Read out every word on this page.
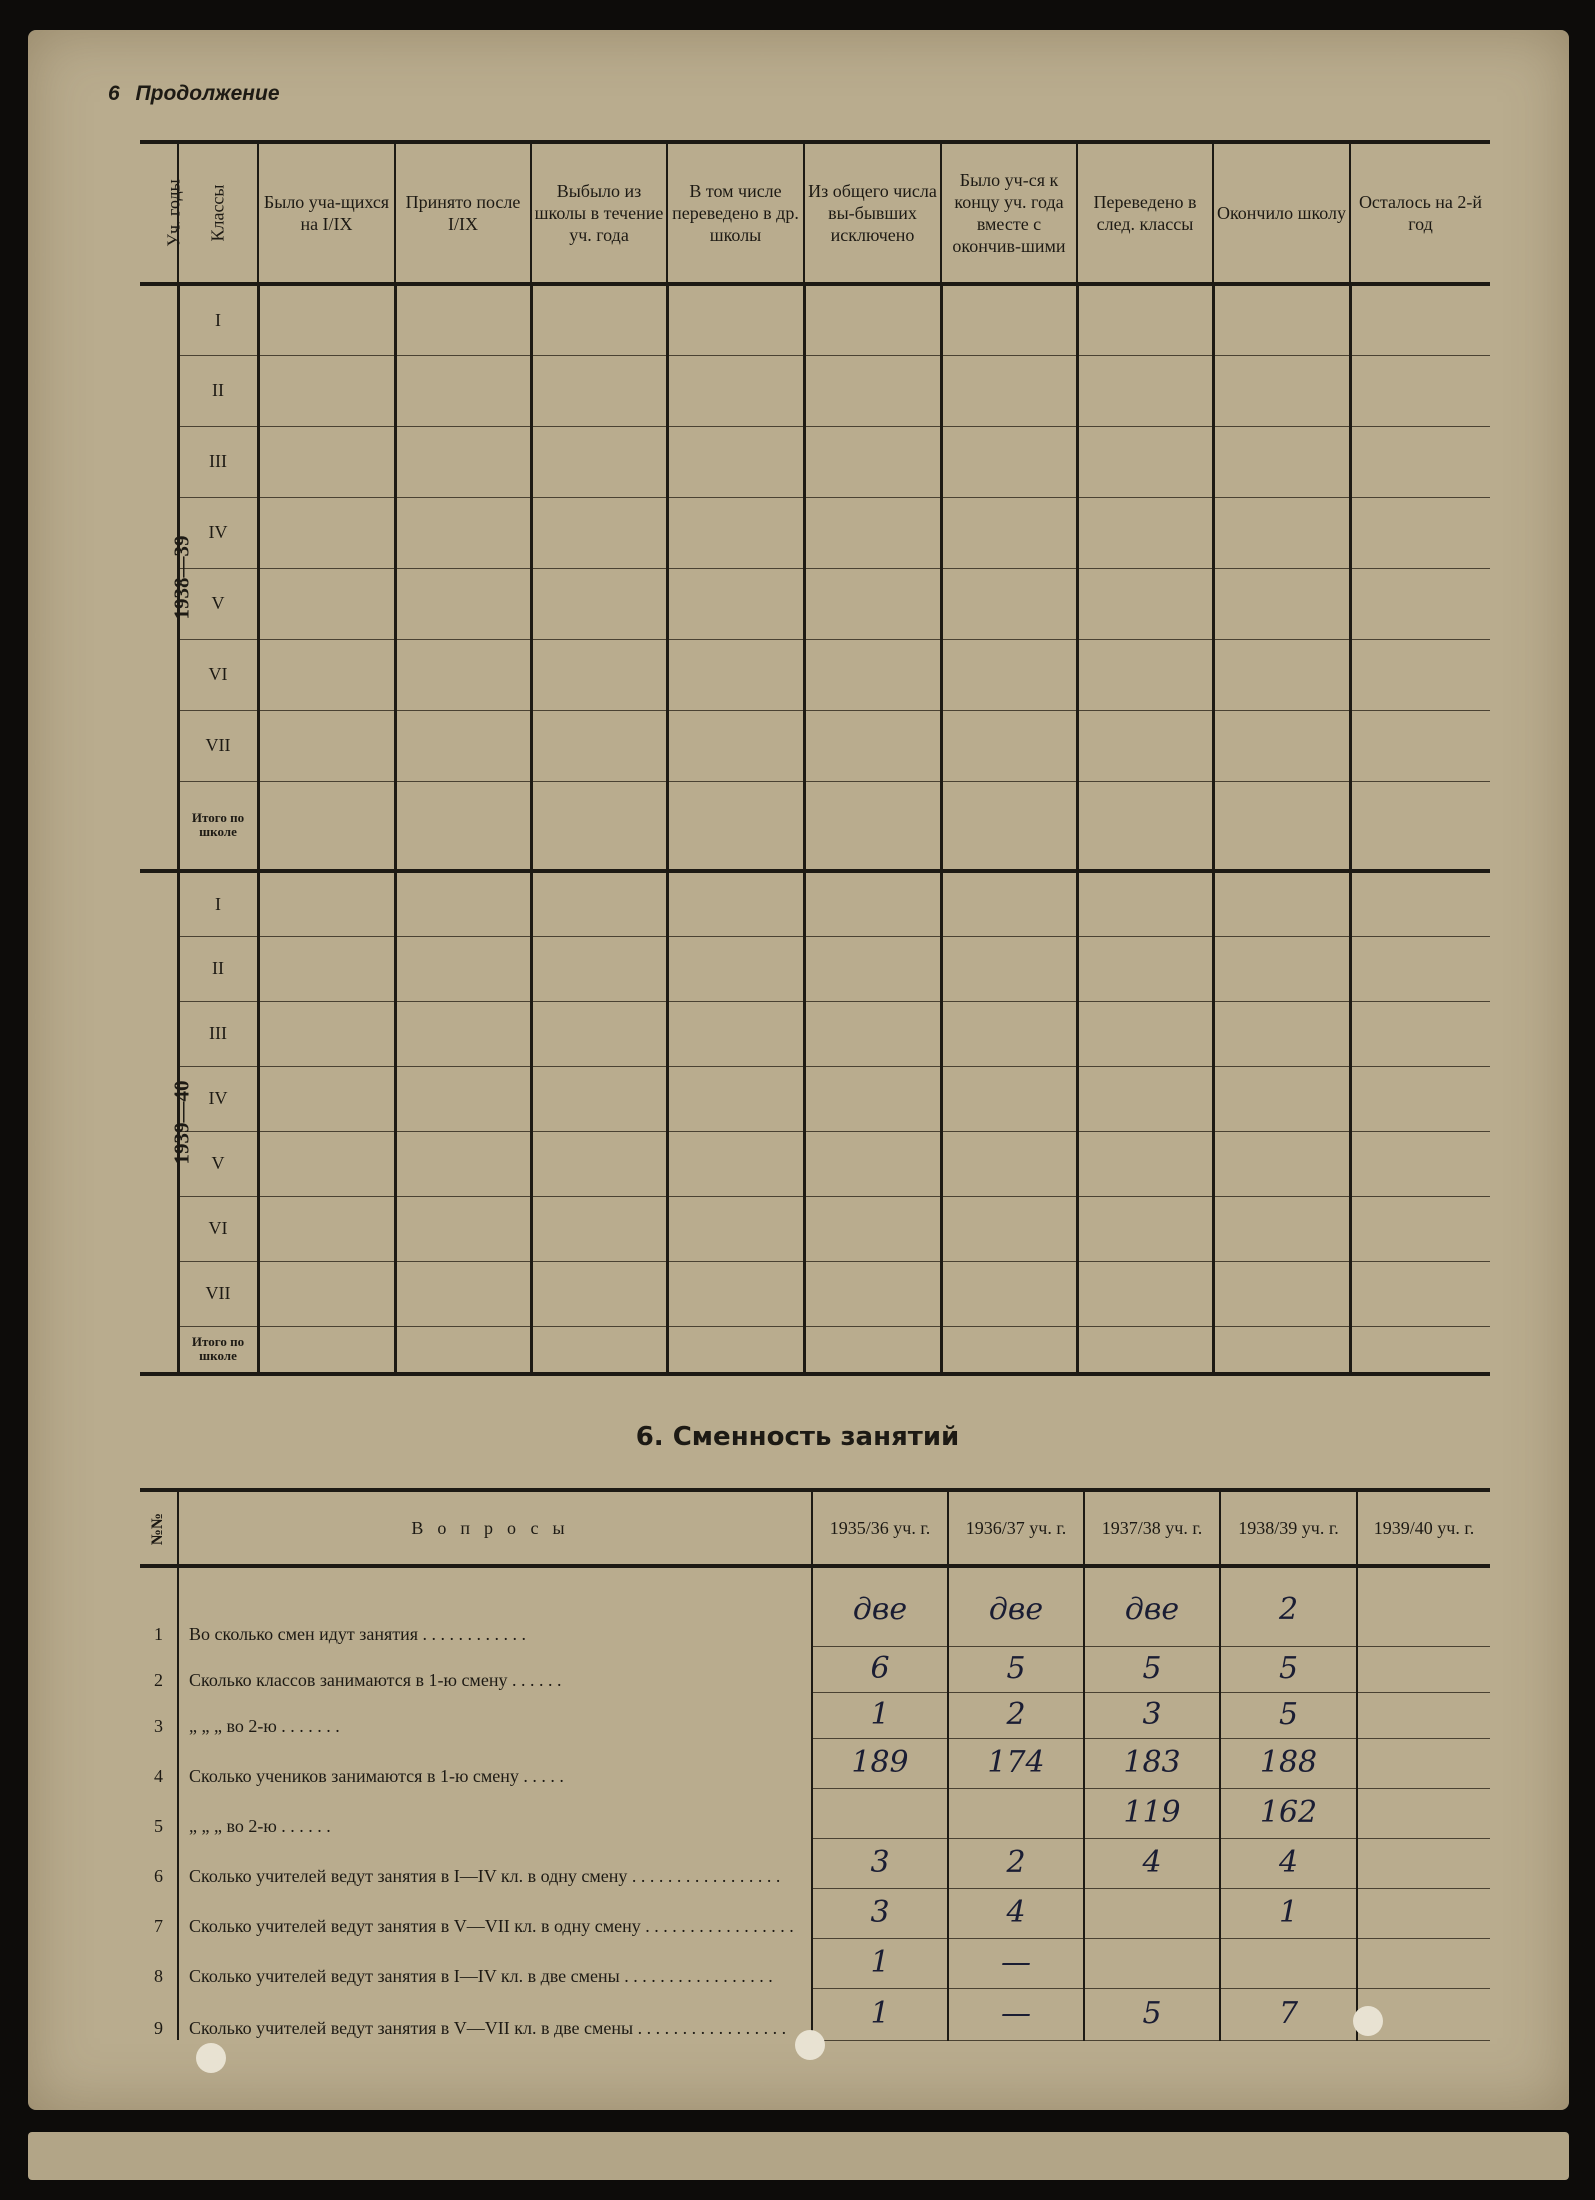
6 Продолжение
Уч. годы	Классы	Было уча-щихся на I/IX	Принято после I/IX	Выбыло из школы в течение уч. года	В том числе переведено в др. школы	Из общего числа вы-бывших исключено	Было уч-ся к концу уч. года вместе с окончив-шими	Переведено в след. классы	Окончило школу	Осталось на 2-й год
1938—39	I									
	II									
	III									
	IV									
	V									
	VI									
	VII									
	Итого по школе									
1939—40	I									
	II									
	III									
	IV									
	V									
	VI									
	VII									
	Итого по школе									
6. Сменность занятий
№№	Вопросы	1935/36 уч. г.	1936/37 уч. г.	1937/38 уч. г.	1938/39 уч. г.	1939/40 уч. г.
1	Во сколько смен идут занятия . . . . . . . . . . . .	две	две	две	2	
2	Сколько классов занимаются в 1-ю смену . . . . . .	6	5	5	5	
3	„ „ „ во 2-ю . . . . . . .	1	2	3	5	
4	Сколько учеников занимаются в 1-ю смену . . . . .	189	174	183	188	
5	„ „ „ во 2-ю . . . . . .			119	162	
6	Сколько учителей ведут занятия в I—IV кл. в одну смену . . . . . . . . . . . . . . . . .	3	2	4	4	
7	Сколько учителей ведут занятия в V—VII кл. в одну смену . . . . . . . . . . . . . . . . .	3	4		1	
8	Сколько учителей ведут занятия в I—IV кл. в две смены . . . . . . . . . . . . . . . . .	1	—			
9	Сколько учителей ведут занятия в V—VII кл. в две смены . . . . . . . . . . . . . . . . .	1	—	5	7	
